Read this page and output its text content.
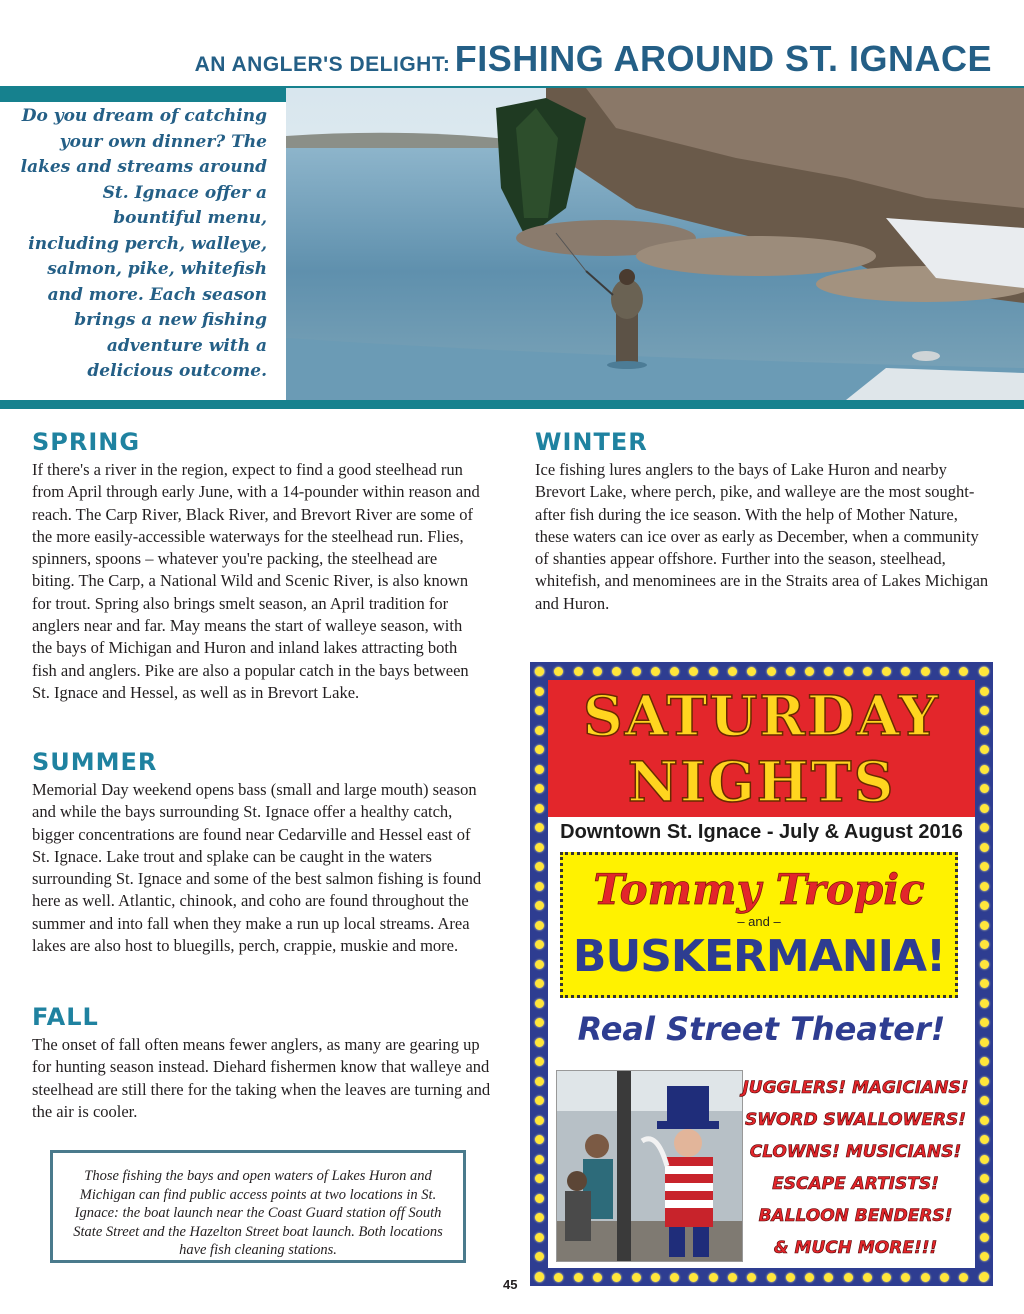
AN ANGLER'S DELIGHT: FISHING AROUND ST. IGNACE
Do you dream of catching your own dinner? The lakes and streams around St. Ignace offer a bountiful menu, including perch, walleye, salmon, pike, whitefish and more. Each season brings a new fishing adventure with a delicious outcome.
SPRING

If there's a river in the region, expect to find a good steelhead run from April through early June, with a 14-pounder within reason and reach. The Carp River, Black River, and Brevort River are some of the more easily-accessible waterways for the steelhead run. Flies, spinners, spoons – whatever you're packing, the steelhead are biting. The Carp, a National Wild and Scenic River, is also known for trout. Spring also brings smelt season, an April tradition for anglers near and far. May means the start of walleye season, with the bays of Michigan and Huron and inland lakes attracting both fish and anglers. Pike are also a popular catch in the bays between St. Ignace and Hessel, as well as in Brevort Lake.

SUMMER

Memorial Day weekend opens bass (small and large mouth) season and while the bays surrounding St. Ignace offer a healthy catch, bigger concentrations are found near Cedarville and Hessel east of St. Ignace. Lake trout and splake can be caught in the waters surrounding St. Ignace and some of the best salmon fishing is found here as well. Atlantic, chinook, and coho are found throughout the summer and into fall when they make a run up local streams. Area lakes are also host to bluegills, perch, crappie, muskie and more.

FALL

The onset of fall often means fewer anglers, as many are gearing up for hunting season instead. Diehard fishermen know that walleye and steelhead are still there for the taking when the leaves are turning and the air is cooler.

WINTER

Ice fishing lures anglers to the bays of Lake Huron and nearby Brevort Lake, where perch, pike, and walleye are the most sought-after fish during the ice season. With the help of Mother Nature, these waters can ice over as early as December, when a community of shanties appear offshore. Further into the season, steelhead, whitefish, and menominees are in the Straits area of Lakes Michigan and Huron.

Those fishing the bays and open waters of Lakes Huron and Michigan can find public access points at two locations in St. Ignace: the boat launch near the Coast Guard station off South State Street and the Hazelton Street boat launch. Both locations have fish cleaning stations.
45
SATURDAY
NIGHTS
Downtown St. Ignace - July & August 2016
Tommy Tropic
– and –
BUSKERMANIA!
Real Street Theater!
JUGGLERS! MAGICIANS!
SWORD SWALLOWERS!
CLOWNS! MUSICIANS!
ESCAPE ARTISTS!
BALLOON BENDERS!
& MUCH MORE!!!
